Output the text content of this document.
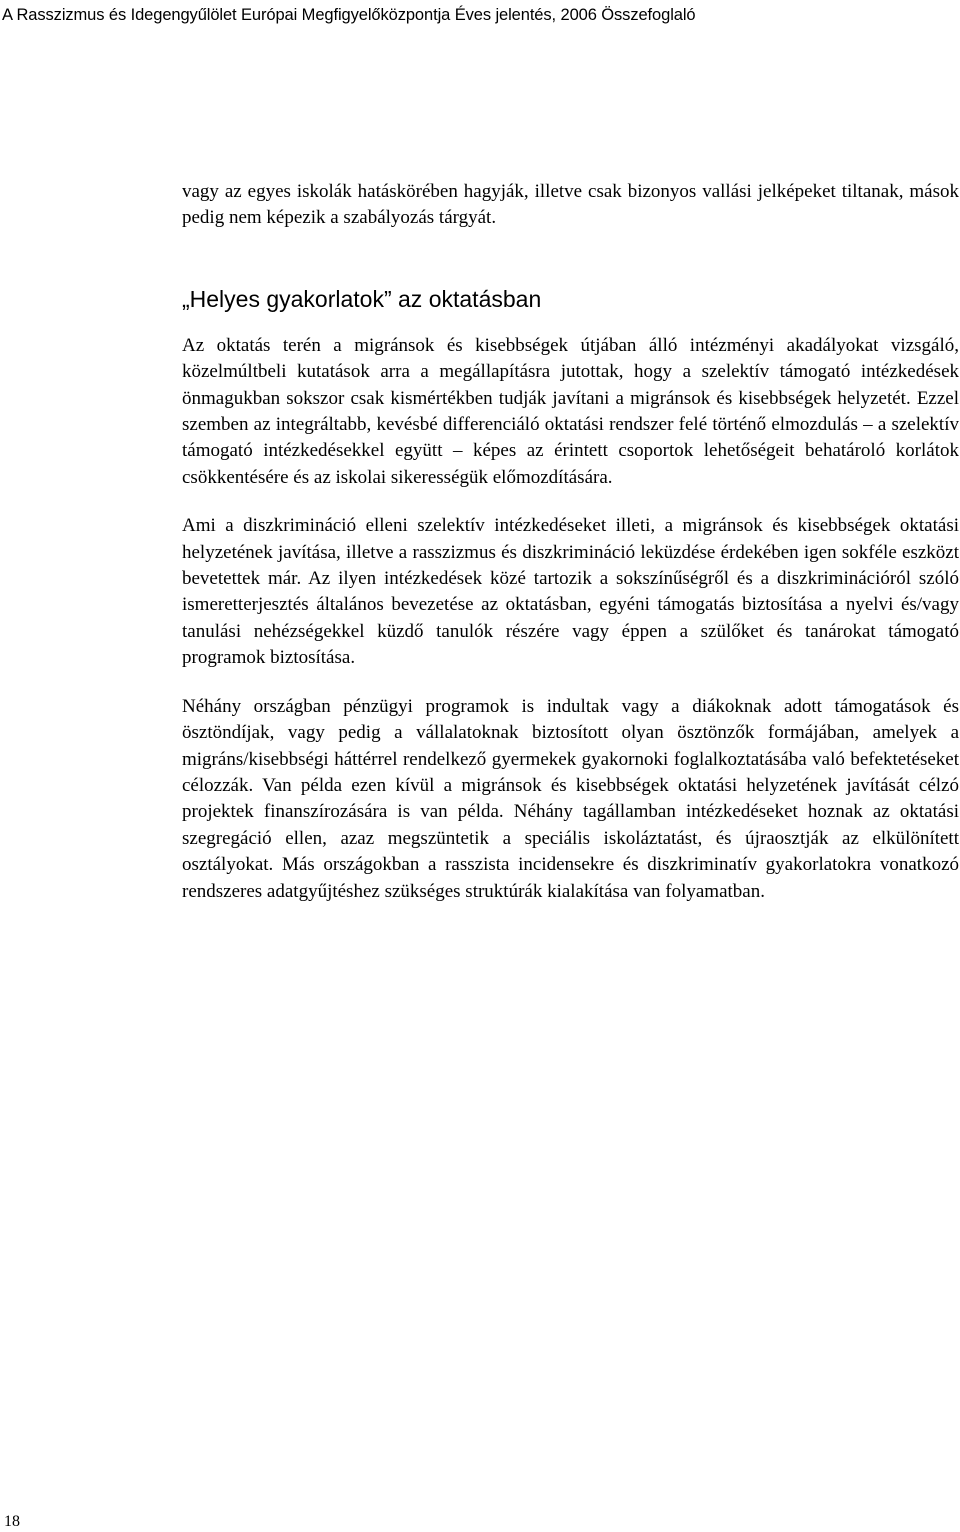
A Rasszizmus és Idegengyűlölet Európai Megfigyelőközpontja Éves jelentés, 2006 Összefoglaló

vagy az egyes iskolák hatáskörében hagyják, illetve csak bizonyos vallási jelképeket tiltanak, mások pedig nem képezik a szabályozás tárgyát.

„Helyes gyakorlatok” az oktatásban

Az oktatás terén a migránsok és kisebbségek útjában álló intézményi akadályokat vizsgáló, közelmúltbeli kutatások arra a megállapításra jutottak, hogy a szelektív támogató intézkedések önmagukban sokszor csak kismértékben tudják javítani a migránsok és kisebbségek helyzetét. Ezzel szemben az integráltabb, kevésbé differenciáló oktatási rendszer felé történő elmozdulás – a szelektív támogató intézkedésekkel együtt – képes az érintett csoportok lehetőségeit behatároló korlátok csökkentésére és az iskolai sikerességük előmozdítására.

Ami a diszkrimináció elleni szelektív intézkedéseket illeti, a migránsok és kisebbségek oktatási helyzetének javítása, illetve a rasszizmus és diszkrimináció leküzdése érdekében igen sokféle eszközt bevetettek már. Az ilyen intézkedések közé tartozik a sokszínűségről és a diszkriminációról szóló ismeretterjesztés általános bevezetése az oktatásban, egyéni támogatás biztosítása a nyelvi és/vagy tanulási nehézségekkel küzdő tanulók részére vagy éppen a szülőket és tanárokat támogató programok biztosítása.

Néhány országban pénzügyi programok is indultak vagy a diákoknak adott támogatások és ösztöndíjak, vagy pedig a vállalatoknak biztosított olyan ösztönzők formájában, amelyek a migráns/kisebbségi háttérrel rendelkező gyermekek gyakornoki foglalkoztatásába való befektetéseket célozzák. Van példa ezen kívül a migránsok és kisebbségek oktatási helyzetének javítását célzó projektek finanszírozására is van példa. Néhány tagállamban intézkedéseket hoznak az oktatási szegregáció ellen, azaz megszüntetik a speciális iskoláztatást, és újraosztják az elkülönített osztályokat. Más országokban a rasszista incidensekre és diszkriminatív gyakorlatokra vonatkozó rendszeres adatgyűjtéshez szükséges struktúrák kialakítása van folyamatban.

18
